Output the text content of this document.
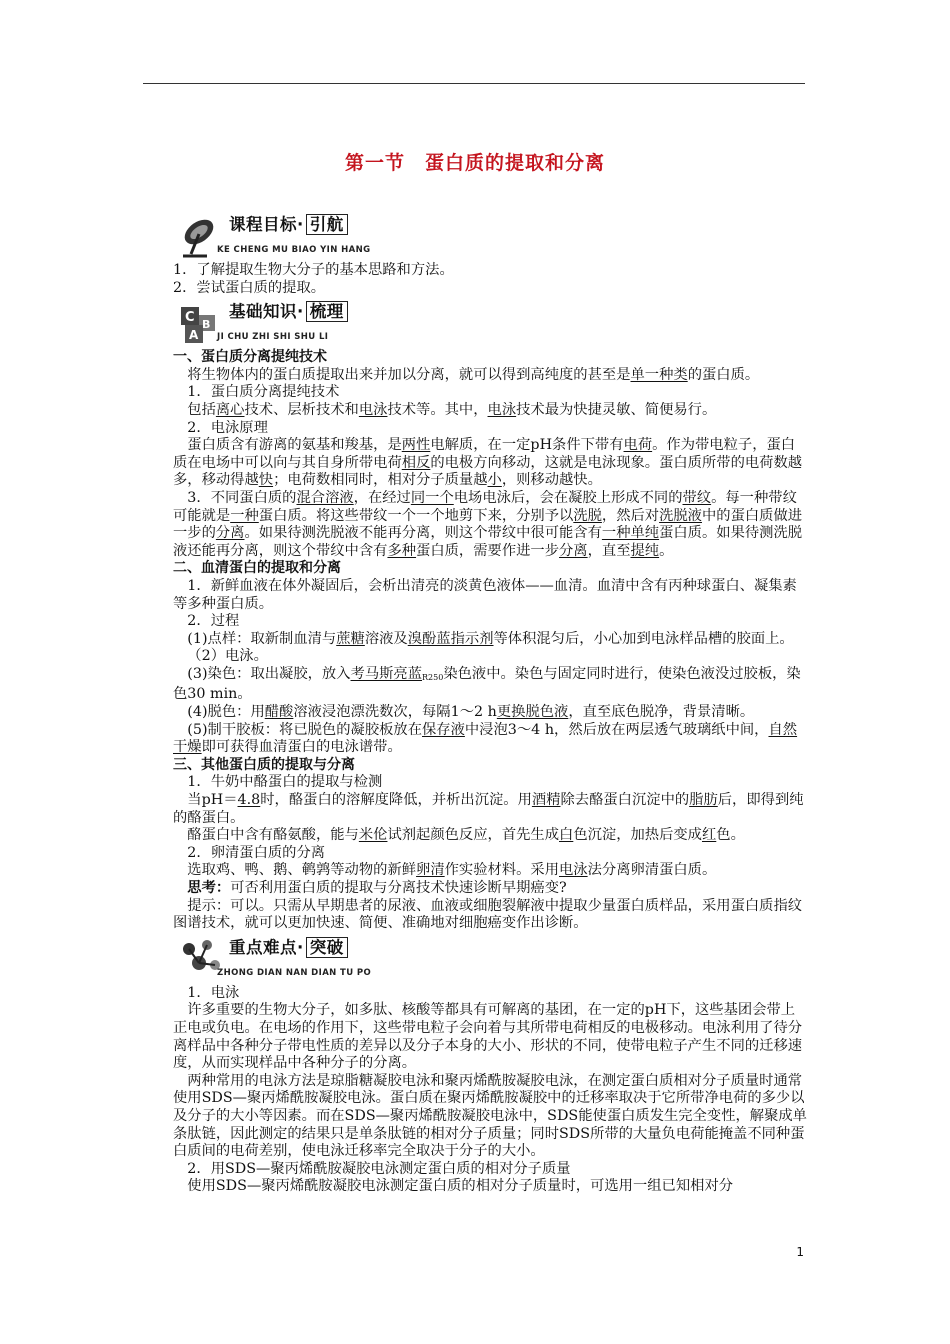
第一节　蛋白质的提取和分离
课程目标· 引航
KE CHENG MU BIAO YIN HANG

1．了解提取生物大分子的基本思路和方法。

2．尝试蛋白质的提取。

C B
A
基础知识· 梳理
JI CHU ZHI SHI SHU LI

一、蛋白质分离提纯技术

 将生物体内的蛋白质提取出来并加以分离，就可以得到高纯度的甚至是单一种类的蛋白质。

 1．蛋白质分离提纯技术

 包括离心技术、层析技术和电泳技术等。其中，电泳技术最为快捷灵敏、简便易行。

 2．电泳原理

 蛋白质含有游离的氨基和羧基，是两性电解质，在一定pH条件下带有电荷。作为带电粒子，蛋白质在电场中可以向与其自身所带电荷相反的电极方向移动，这就是电泳现象。蛋白质所带的电荷数越多，移动得越快；电荷数相同时，相对分子质量越小，则移动越快。

 3．不同蛋白质的混合溶液，在经过同一个电场电泳后，会在凝胶上形成不同的带纹。每一种带纹可能就是一种蛋白质。将这些带纹一个一个地剪下来，分别予以洗脱，然后对洗脱液中的蛋白质做进一步的分离。如果待测洗脱液不能再分离，则这个带纹中很可能含有一种单纯蛋白质。如果待测洗脱液还能再分离，则这个带纹中含有多种蛋白质，需要作进一步分离，直至提纯。

二、血清蛋白的提取和分离

 1．新鲜血液在体外凝固后，会析出清亮的淡黄色液体——血清。血清中含有丙种球蛋白、凝集素等多种蛋白质。

 2．过程

 (1)点样：取新制血清与蔗糖溶液及溴酚蓝指示剂等体积混匀后，小心加到电泳样品槽的胶面上。

 （2）电泳。

 (3)染色：取出凝胶，放入考马斯亮蓝R250染色液中。染色与固定同时进行，使染色液没过胶板，染色30 min。

 (4)脱色：用醋酸溶液浸泡漂洗数次，每隔1～2 h更换脱色液，直至底色脱净，背景清晰。

 (5)制干胶板：将已脱色的凝胶板放在保存液中浸泡3～4 h，然后放在两层透气玻璃纸中间，自然干燥即可获得血清蛋白的电泳谱带。

三、其他蛋白质的提取与分离

 1．牛奶中酪蛋白的提取与检测

 当pH＝4.8时，酪蛋白的溶解度降低，并析出沉淀。用酒精除去酪蛋白沉淀中的脂肪后，即得到纯的酪蛋白。

 酪蛋白中含有酪氨酸，能与米伦试剂起颜色反应，首先生成白色沉淀，加热后变成红色。

 2．卵清蛋白质的分离

 选取鸡、鸭、鹅、鹌鹑等动物的新鲜卵清作实验材料。采用电泳法分离卵清蛋白质。

 思考：可否利用蛋白质的提取与分离技术快速诊断早期癌变?

 提示：可以。只需从早期患者的尿液、血液或细胞裂解液中提取少量蛋白质样品，采用蛋白质指纹图谱技术，就可以更加快速、简便、准确地对细胞癌变作出诊断。

重点难点· 突破
ZHONG DIAN NAN DIAN TU PO

 1．电泳

 许多重要的生物大分子，如多肽、核酸等都具有可解离的基团，在一定的pH下，这些基团会带上正电或负电。在电场的作用下，这些带电粒子会向着与其所带电荷相反的电极移动。电泳利用了待分离样品中各种分子带电性质的差异以及分子本身的大小、形状的不同，使带电粒子产生不同的迁移速度，从而实现样品中各种分子的分离。

 两种常用的电泳方法是琼脂糖凝胶电泳和聚丙烯酰胺凝胶电泳，在测定蛋白质相对分子质量时通常使用SDS—聚丙烯酰胺凝胶电泳。蛋白质在聚丙烯酰胺凝胶中的迁移率取决于它所带净电荷的多少以及分子的大小等因素。而在SDS—聚丙烯酰胺凝胶电泳中，SDS能使蛋白质发生完全变性，解聚成单条肽链，因此测定的结果只是单条肽链的相对分子质量；同时SDS所带的大量负电荷能掩盖不同种蛋白质间的电荷差别，使电泳迁移率完全取决于分子的大小。

 2．用SDS—聚丙烯酰胺凝胶电泳测定蛋白质的相对分子质量

 使用SDS—聚丙烯酰胺凝胶电泳测定蛋白质的相对分子质量时，可选用一组已知相对分

1
